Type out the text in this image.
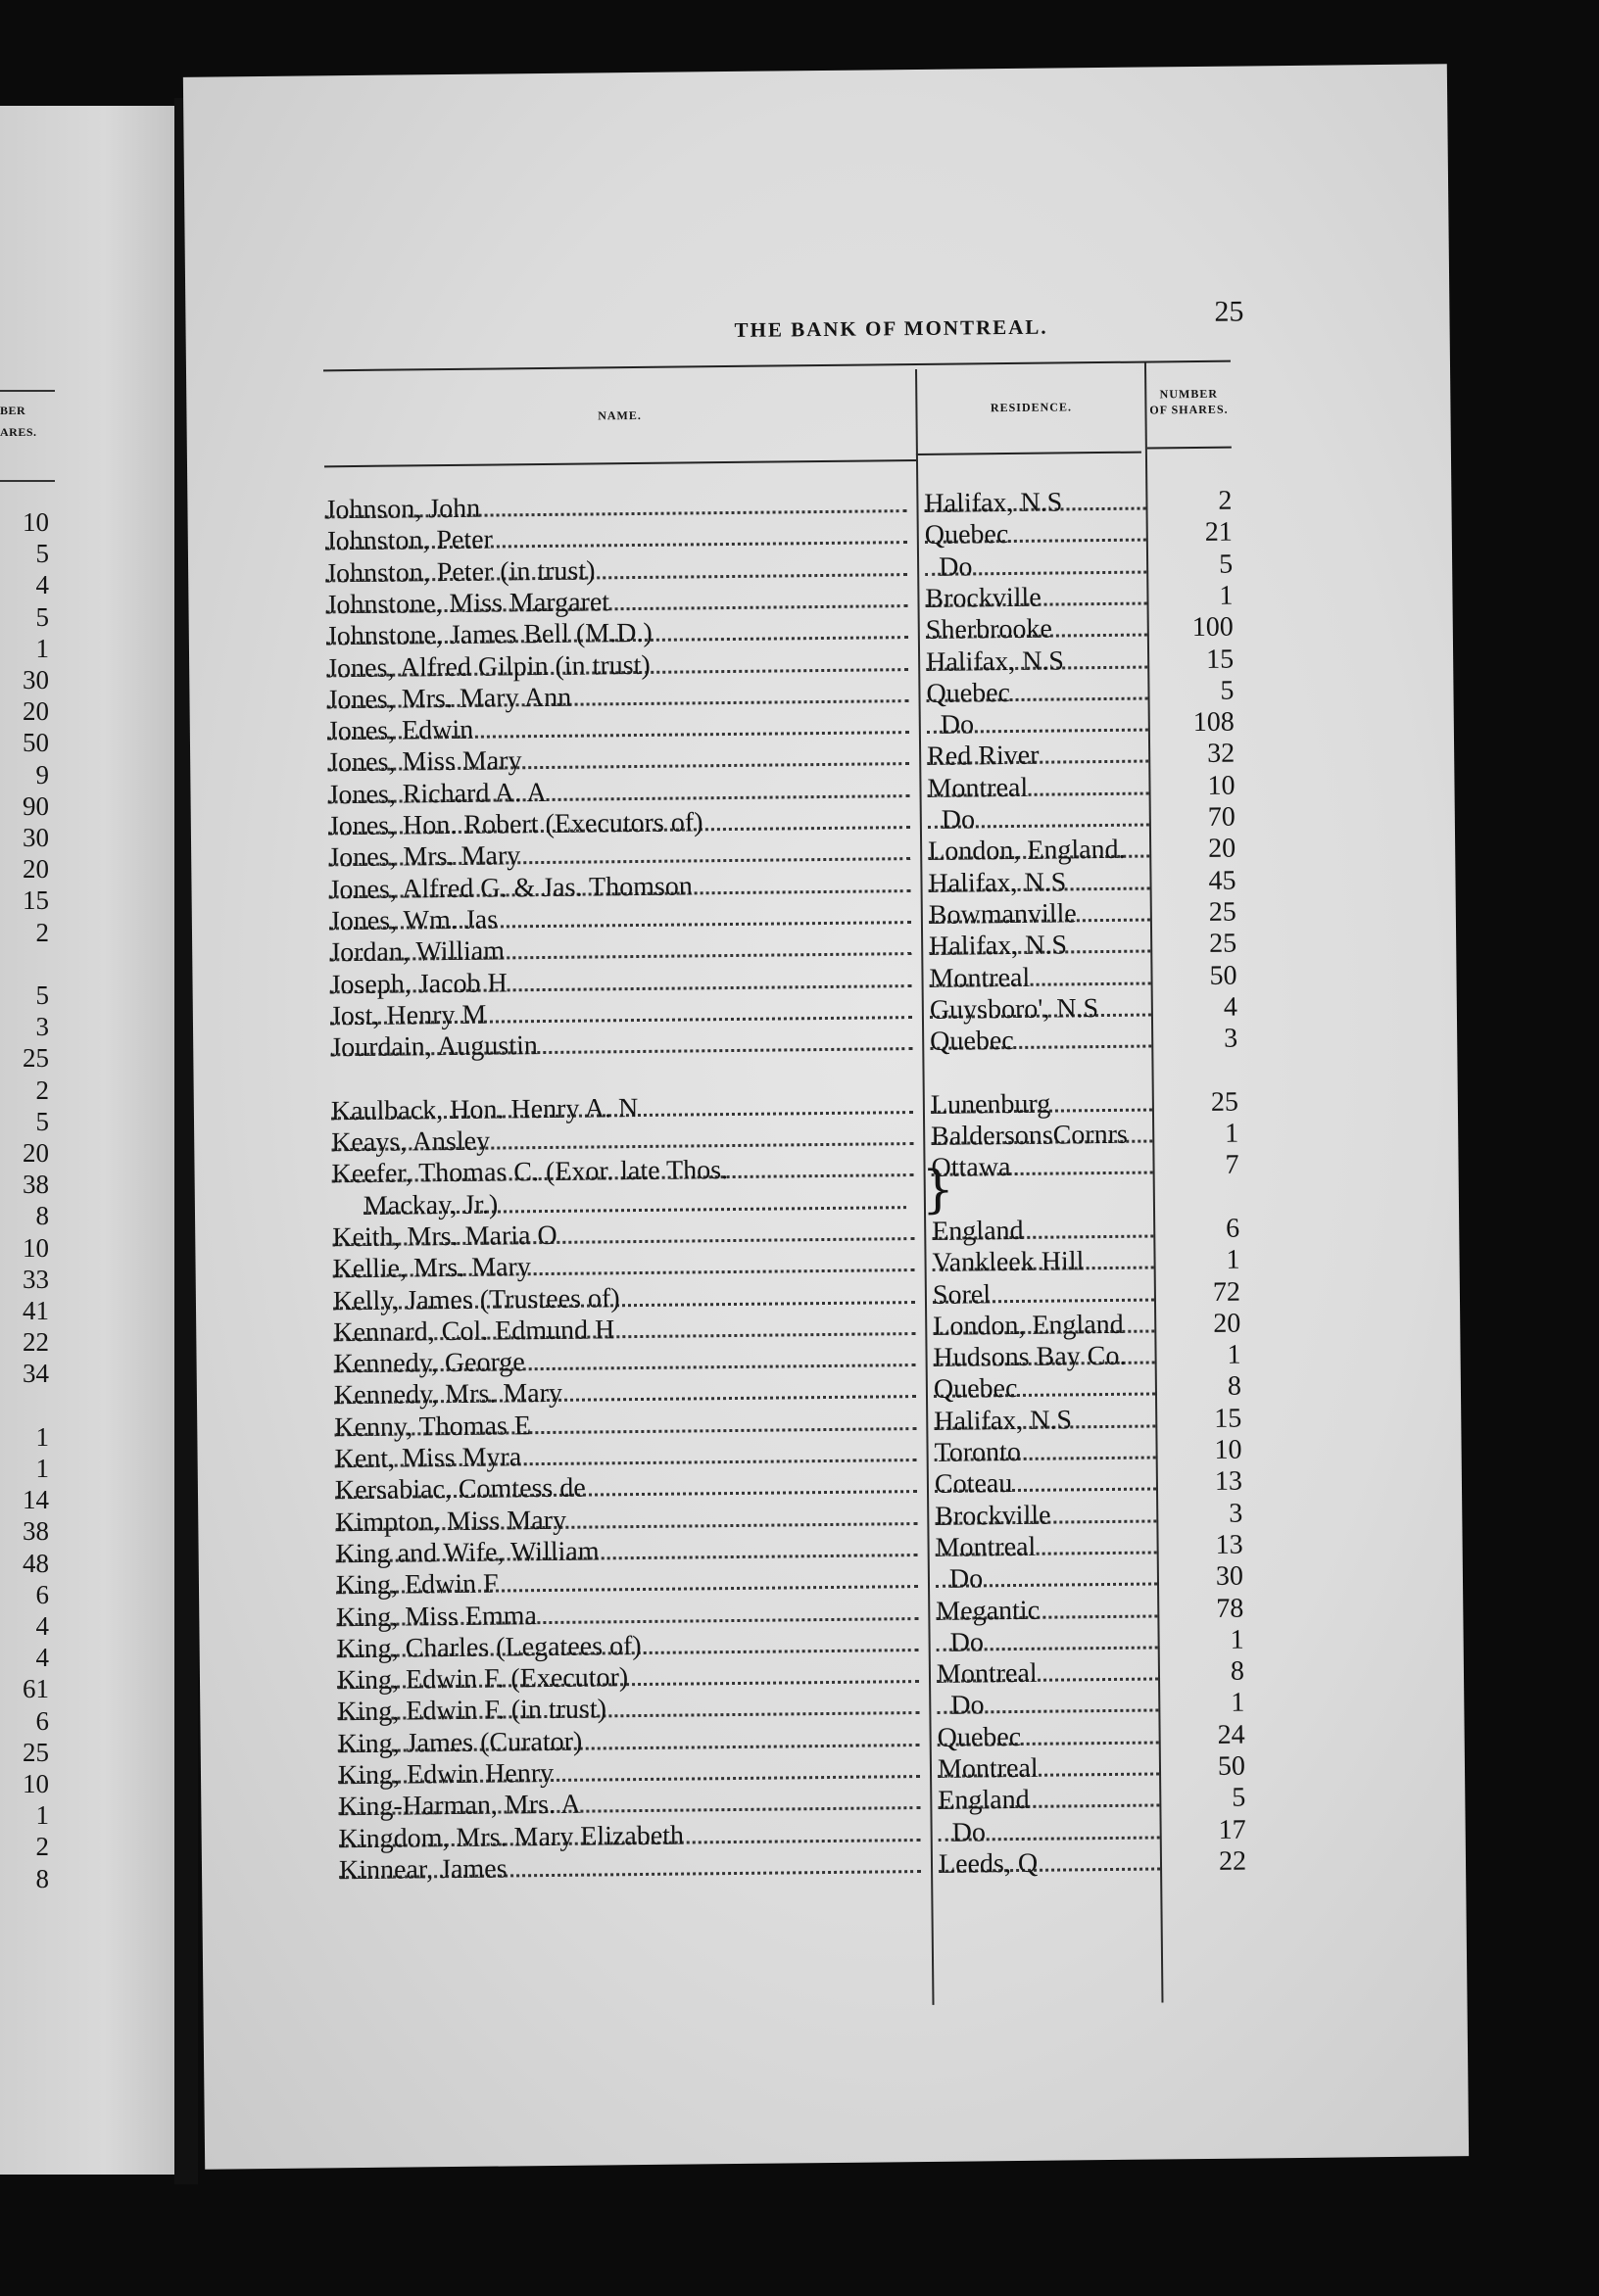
BER
ARES.
10
5
4
5
1
30
20
50
9
90
30
20
15
2
5
3
25
2
5
20
38
8
10
33
41
22
34
1
1
14
38
48
6
4
4
61
6
25
10
1
2
8
THE BANK OF MONTREAL.
25
NAME.
RESIDENCE.
NUMBER
OF SHARES.
Johnson, John	Halifax, N.S	2
Johnston, Peter	Quebec	21
Johnston, Peter (in trust)	Do	5
Johnstone, Miss Margaret	Brockville	1
Johnstone, James Bell (M.D.)	Sherbrooke	100
Jones, Alfred Gilpin (in trust)	Halifax, N.S	15
Jones, Mrs. Mary Ann	Quebec	5
Jones, Edwin	Do	108
Jones, Miss Mary	Red River	32
Jones, Richard A. A	Montreal	10
Jones, Hon. Robert (Executors of)	Do	70
Jones, Mrs. Mary	London, England.	20
Jones, Alfred G. & Jas. Thomson	Halifax, N.S	45
Jones, Wm. Jas	Bowmanville	25
Jordan, William	Halifax, N.S	25
Joseph, Jacob H	Montreal	50
Jost, Henry M	Guysboro', N.S	4
Jourdain, Augustin	Quebec	3
Kaulback, Hon. Henry A. N	Lunenburg	25
Keays, Ansley	BaldersonsCornrs	1
Keefer, Thomas C. (Exor. late Thos.	Ottawa	7
Mackay, Jr.)
Keith, Mrs. Maria O	England	6
Kellie, Mrs. Mary	Vankleek Hill	1
Kelly, James (Trustees of)	Sorel	72
Kennard, Col. Edmund H	London, England	20
Kennedy, George	Hudsons Bay Co.	1
Kennedy, Mrs. Mary	Quebec	8
Kenny, Thomas E	Halifax, N.S	15
Kent, Miss Myra	Toronto	10
Kersabiac, Comtess de	Coteau	13
Kimpton, Miss Mary	Brockville	3
King and Wife, William	Montreal	13
King, Edwin F	Do	30
King, Miss Emma	Megantic	78
King, Charles (Legatees of)	Do	1
King, Edwin F. (Executor)	Montreal	8
King, Edwin F. (in trust)	Do	1
King, James (Curator)	Quebec	24
King, Edwin Henry	Montreal	50
King-Harman, Mrs. A	England	5
Kingdom, Mrs. Mary Elizabeth	Do	17
Kinnear, James	Leeds, Q	22
}
